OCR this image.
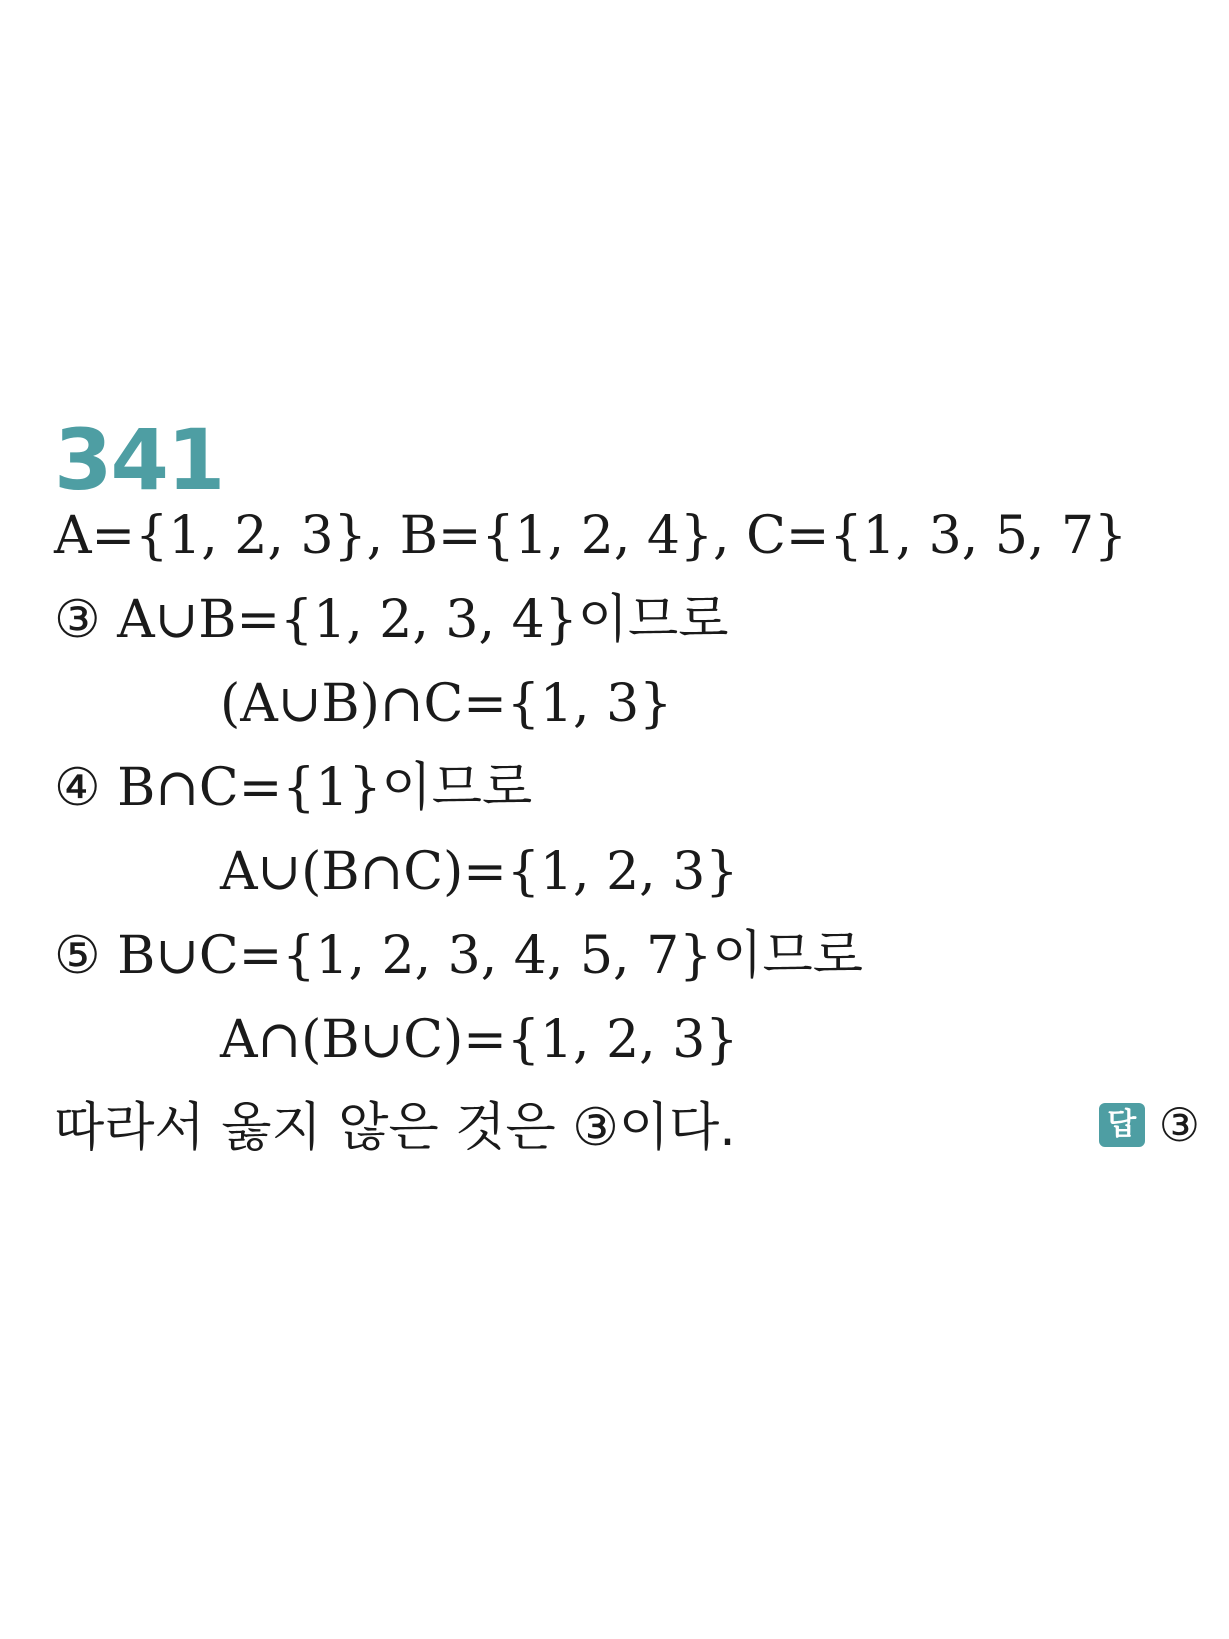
341
A={1, 2, 3}, B={1, 2, 4}, C={1, 3, 5, 7}
③ A∪B={1, 2, 3, 4}이므로
(A∪B)∩C={1, 3}
④ B∩C={1}이므로
A∪(B∩C)={1, 2, 3}
⑤ B∪C={1, 2, 3, 4, 5, 7}이므로
A∩(B∪C)={1, 2, 3}
따라서 옳지 않은 것은 ③이다.	답 ③
